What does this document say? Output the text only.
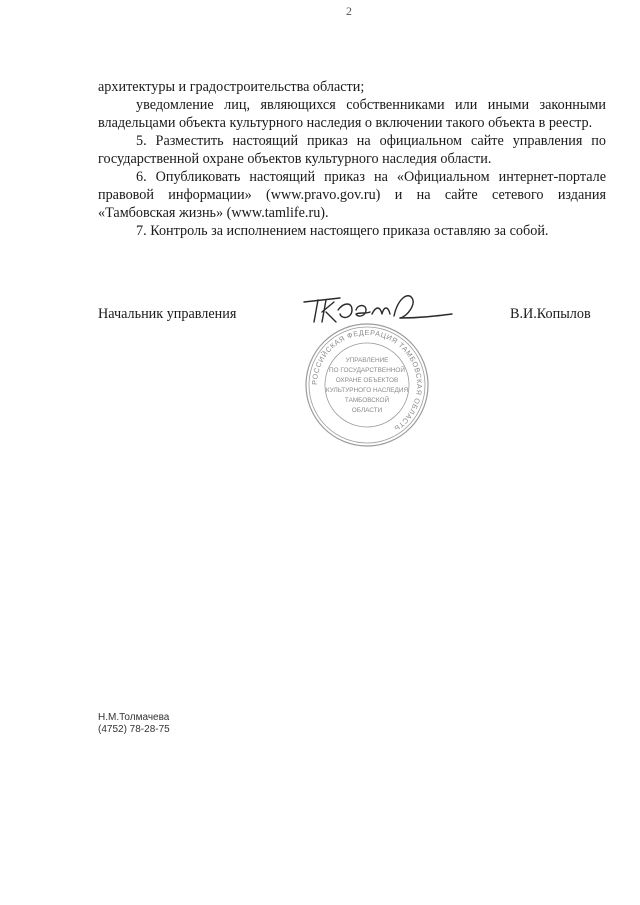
2

архитектуры и градостроительства области;

уведомление лиц, являющихся собственниками или иными законными владельцами объекта культурного наследия о включении такого объекта в реестр.

5. Разместить настоящий приказ на официальном сайте управления по государственной охране объектов культурного наследия области.

6. Опубликовать настоящий приказ на «Официальном интернет-портале правовой информации» (www.pravo.gov.ru) и на сайте сетевого издания «Тамбовская жизнь» (www.tamlife.ru).

7. Контроль за исполнением настоящего приказа оставляю за собой.

Начальник управления	В.И.Копылов
РОССИЙСКАЯ ФЕДЕРАЦИЯ ТАМБОВСКАЯ ОБЛАСТЬ
УПРАВЛЕНИЕ
ПО ГОСУДАРСТВЕННОЙ
ОХРАНЕ ОБЪЕКТОВ
КУЛЬТУРНОГО НАСЛЕДИЯ
ТАМБОВСКОЙ
ОБЛАСТИ
Н.М.Толмачева
(4752) 78-28-75
